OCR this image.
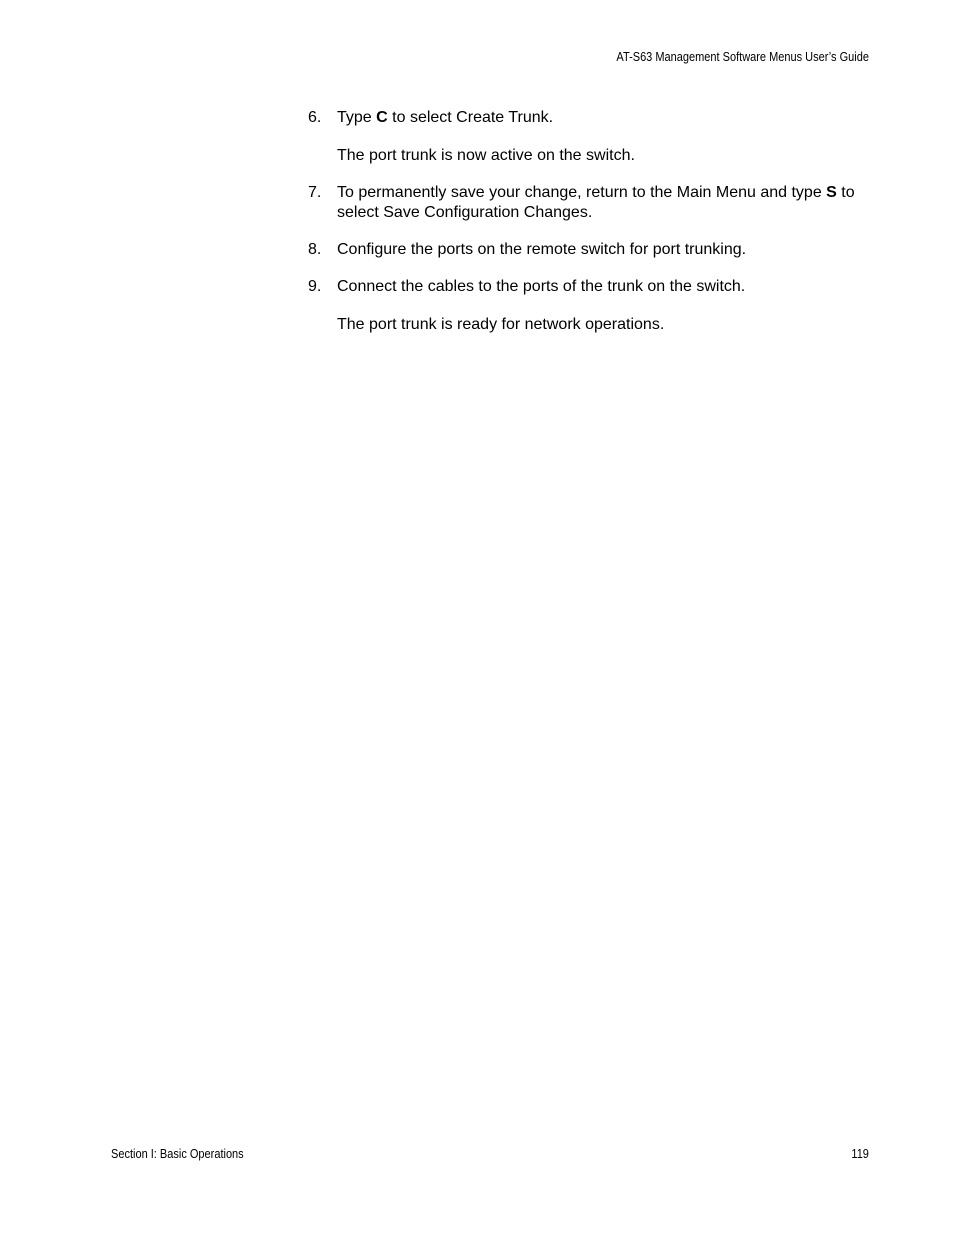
AT-S63 Management Software Menus User’s Guide
6. Type C to select Create Trunk.

The port trunk is now active on the switch.

7. To permanently save your change, return to the Main Menu and type S to select Save Configuration Changes.
8. Configure the ports on the remote switch for port trunking.
9. Connect the cables to the ports of the trunk on the switch.

The port trunk is ready for network operations.

Section I: Basic Operations	119
